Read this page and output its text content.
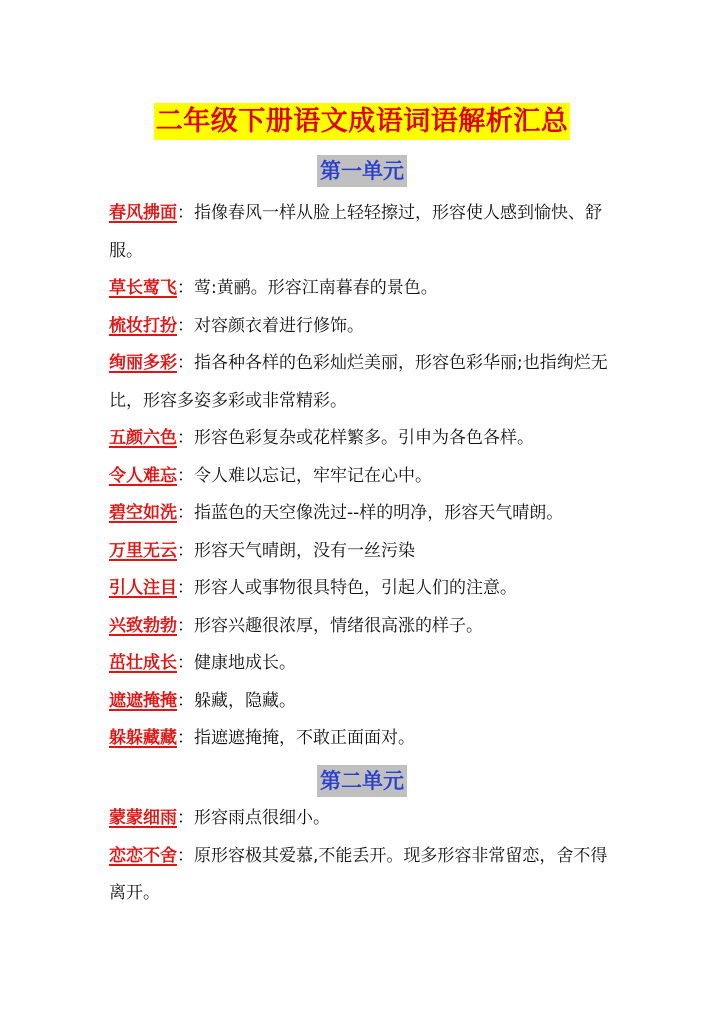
二年级下册语文成语词语解析汇总
第一单元

春风拂面：指像春风一样从脸上轻轻擦过，形容使人感到愉快、舒服。

草长莺飞：莺:黄鹂。形容江南暮春的景色。

梳妆打扮：对容颜衣着进行修饰。

绚丽多彩：指各种各样的色彩灿烂美丽，形容色彩华丽;也指绚烂无比，形容多姿多彩或非常精彩。

五颜六色：形容色彩复杂或花样繁多。引申为各色各样。

令人难忘：令人难以忘记，牢牢记在心中。

碧空如洗：指蓝色的天空像洗过--样的明净，形容天气晴朗。

万里无云：形容天气晴朗，没有一丝污染

引人注目：形容人或事物很具特色，引起人们的注意。

兴致勃勃：形容兴趣很浓厚，情绪很高涨的样子。

茁壮成长：健康地成长。

遮遮掩掩：躲藏，隐藏。

躲躲藏藏：指遮遮掩掩，不敢正面面对。

第二单元

蒙蒙细雨：形容雨点很细小。

恋恋不舍：原形容极其爱慕,不能丢开。现多形容非常留恋，舍不得离开。
